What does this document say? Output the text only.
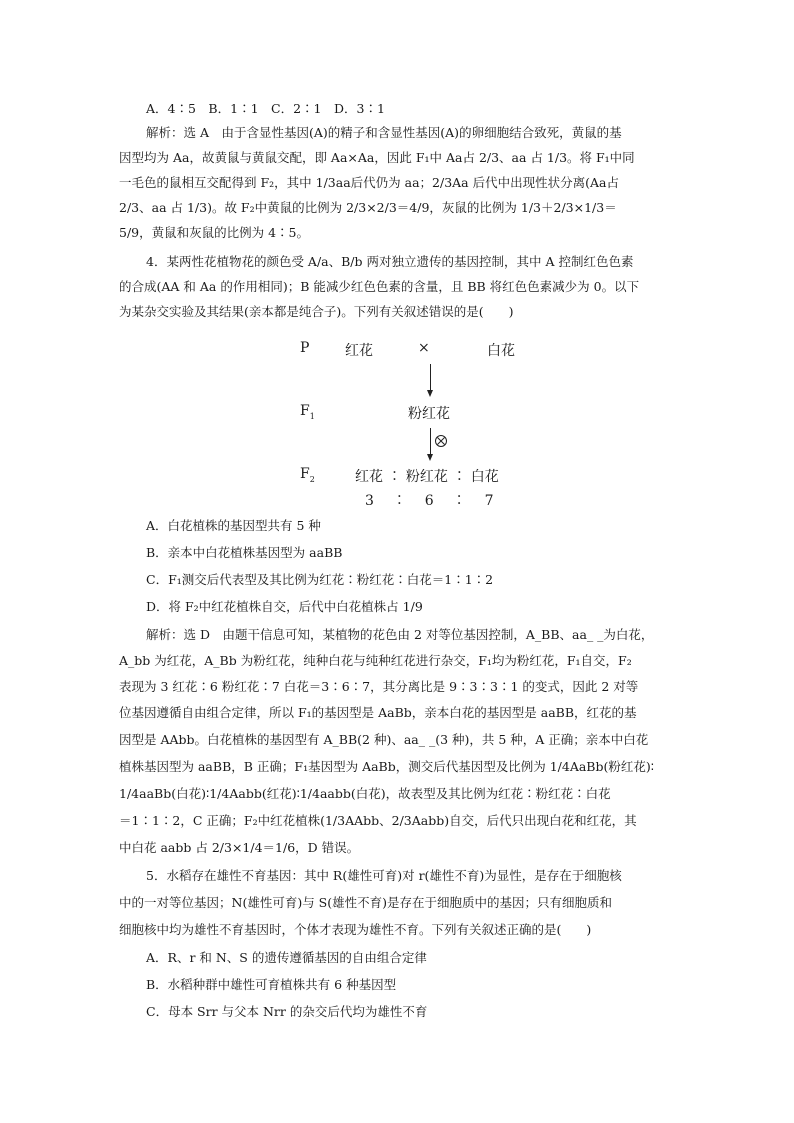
A．4∶5　B．1∶1　C．2∶1　D．3∶1
解析：选 A　由于含显性基因(A)的精子和含显性基因(A)的卵细胞结合致死，黄鼠的基
因型均为 Aa，故黄鼠与黄鼠交配，即 Aa×Aa，因此 F₁中 Aa占 2/3、aa 占 1/3。将 F₁中同
一毛色的鼠相互交配得到 F₂，其中 1/3aa后代仍为 aa；2/3Aa 后代中出现性状分离(Aa占
2/3、aa 占 1/3)。故 F₂中黄鼠的比例为 2/3×2/3＝4/9，灰鼠的比例为 1/3＋2/3×1/3＝
5/9，黄鼠和灰鼠的比例为 4∶5。
4．某两性花植物花的颜色受 A/a、B/b 两对独立遗传的基因控制，其中 A 控制红色色素
的合成(AA 和 Aa 的作用相同)；B 能减少红色色素的含量，且 BB 将红色色素减少为 0。以下
为某杂交实验及其结果(亲本都是纯合子)。下列有关叙述错误的是(　　)
P	红花	×	白花
$F_1$	粉红花
$F_2$	红花 ∶ 粉红花 ∶ 白花
3　 ∶　 6　 ∶　 7
A．白花植株的基因型共有 5 种
B．亲本中白花植株基因型为 aaBB
C．F₁测交后代表型及其比例为红花∶粉红花∶白花＝1∶1∶2
D．将 F₂中红花植株自交，后代中白花植株占 1/9
解析：选 D　由题干信息可知，某植物的花色由 2 对等位基因控制，A_BB、aa_ _为白花，
A_bb 为红花，A_Bb 为粉红花，纯种白花与纯种红花进行杂交，F₁均为粉红花，F₁自交，F₂
表现为 3 红花∶6 粉红花∶7 白花＝3∶6∶7，其分离比是 9∶3∶3∶1 的变式，因此 2 对等
位基因遵循自由组合定律，所以 F₁的基因型是 AaBb，亲本白花的基因型是 aaBB，红花的基
因型是 AAbb。白花植株的基因型有 A_BB(2 种)、aa_ _(3 种)，共 5 种，A 正确；亲本中白花
植株基因型为 aaBB，B 正确；F₁基因型为 AaBb，测交后代基因型及比例为 1/4AaBb(粉红花)∶
1/4aaBb(白花)∶1/4Aabb(红花)∶1/4aabb(白花)，故表型及其比例为红花∶粉红花∶白花
＝1∶1∶2，C 正确；F₂中红花植株(1/3AAbb、2/3Aabb)自交，后代只出现白花和红花，其
中白花 aabb 占 2/3×1/4＝1/6，D 错误。
5．水稻存在雄性不育基因：其中 R(雄性可育)对 r(雄性不育)为显性，是存在于细胞核
中的一对等位基因；N(雄性可育)与 S(雄性不育)是存在于细胞质中的基因；只有细胞质和
细胞核中均为雄性不育基因时，个体才表现为雄性不育。下列有关叙述正确的是(　　)
A．R、r 和 N、S 的遗传遵循基因的自由组合定律
B．水稻种群中雄性可育植株共有 6 种基因型
C．母本 Srr 与父本 Nrr 的杂交后代均为雄性不育
